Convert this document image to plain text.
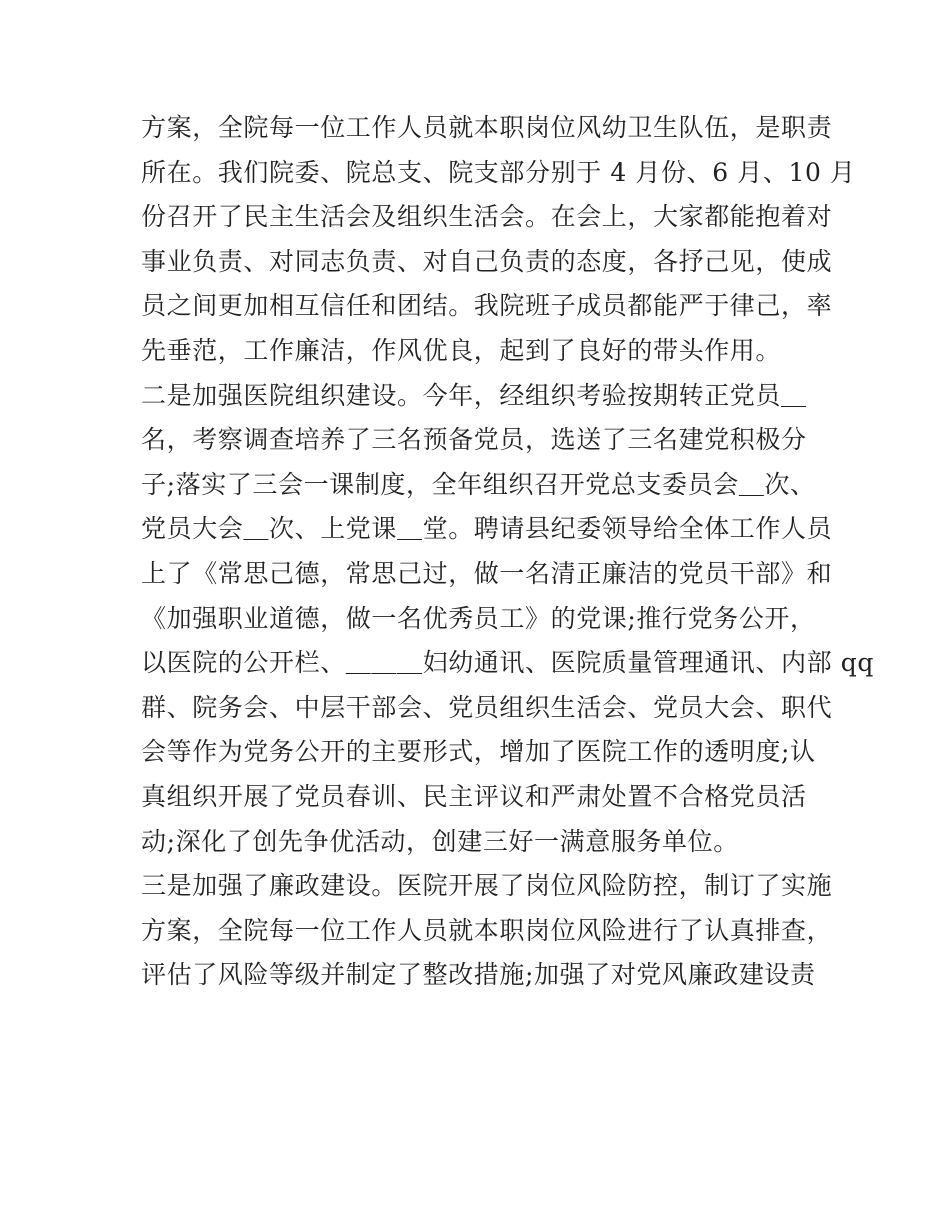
方案，全院每一位工作人员就本职岗位风幼卫生队伍，是职责
所在。我们院委、院总支、院支部分别于 4 月份、6 月、10 月
份召开了民主生活会及组织生活会。在会上，大家都能抱着对
事业负责、对同志负责、对自己负责的态度，各抒己见，使成
员之间更加相互信任和团结。我院班子成员都能严于律己，率
先垂范，工作廉洁，作风优良，起到了良好的带头作用。
二是加强医院组织建设。今年，经组织考验按期转正党员＿
名，考察调查培养了三名预备党员，选送了三名建党积极分
子;落实了三会一课制度，全年组织召开党总支委员会＿次、
党员大会＿次、上党课＿堂。聘请县纪委领导给全体工作人员
上了《常思己德，常思己过，做一名清正廉洁的党员干部》和
《加强职业道德，做一名优秀员工》的党课;推行党务公开，
以医院的公开栏、＿＿＿妇幼通讯、医院质量管理通讯、内部 qq
群、院务会、中层干部会、党员组织生活会、党员大会、职代
会等作为党务公开的主要形式，增加了医院工作的透明度;认
真组织开展了党员春训、民主评议和严肃处置不合格党员活
动;深化了创先争优活动，创建三好一满意服务单位。
三是加强了廉政建设。医院开展了岗位风险防控，制订了实施
方案，全院每一位工作人员就本职岗位风险进行了认真排查，
评估了风险等级并制定了整改措施;加强了对党风廉政建设责
